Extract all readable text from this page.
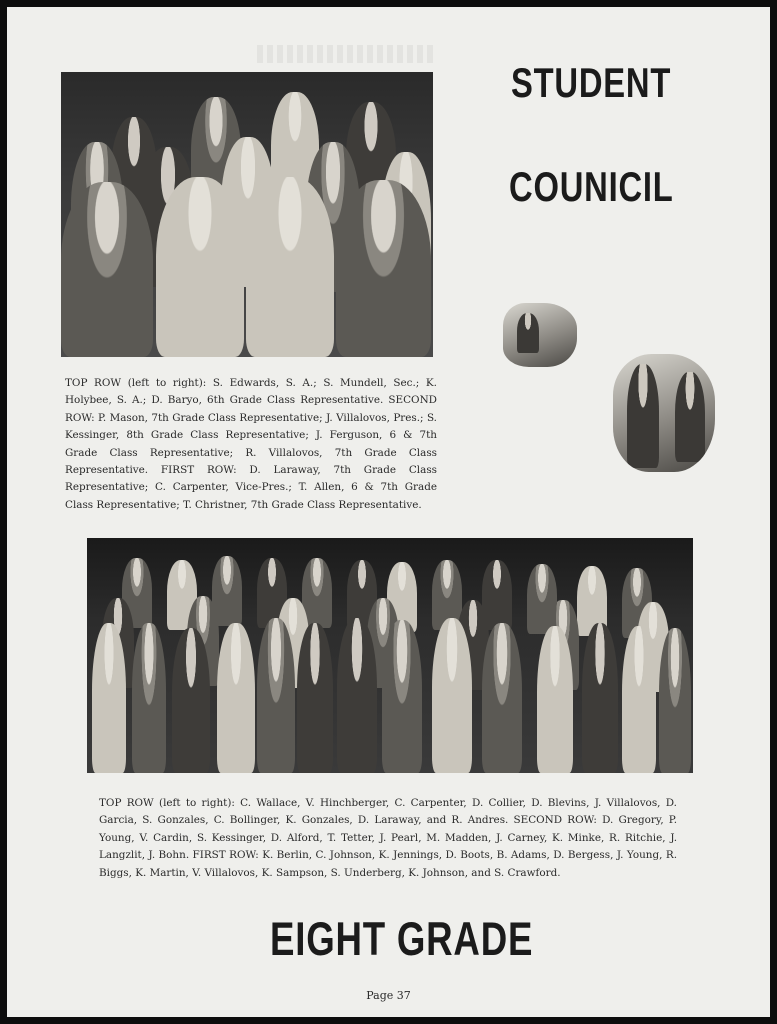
STUDENT
COUNICIL
TOP ROW (left to right): S. Edwards, S. A.; S. Mundell, Sec.; K. Holybee, S. A.; D. Baryo, 6th Grade Class Representative. SECOND ROW: P. Mason, 7th Grade Class Representative; J. Villalovos, Pres.; S. Kessinger, 8th Grade Class Representative; J. Ferguson, 6 & 7th Grade Class Representative; R. Villalovos, 7th Grade Class Representative. FIRST ROW: D. Laraway, 7th Grade Class Representative; C. Carpenter, Vice-Pres.; T. Allen, 6 & 7th Grade Class Representative; T. Christner, 7th Grade Class Representative.
TOP ROW (left to right): C. Wallace, V. Hinchberger, C. Carpenter, D. Collier, D. Blevins, J. Villalovos, D. Garcia, S. Gonzales, C. Bollinger, K. Gonzales, D. Laraway, and R. Andres. SECOND ROW: D. Gregory, P. Young, V. Cardin, S. Kessinger, D. Alford, T. Tetter, J. Pearl, M. Madden, J. Carney, K. Minke, R. Ritchie, J. Langzlit, J. Bohn. FIRST ROW: K. Berlin, C. Johnson, K. Jennings, D. Boots, B. Adams, D. Bergess, J. Young, R. Biggs, K. Martin, V. Villalovos, K. Sampson, S. Underberg, K. Johnson, and S. Crawford.
EIGHT GRADE
Page 37
